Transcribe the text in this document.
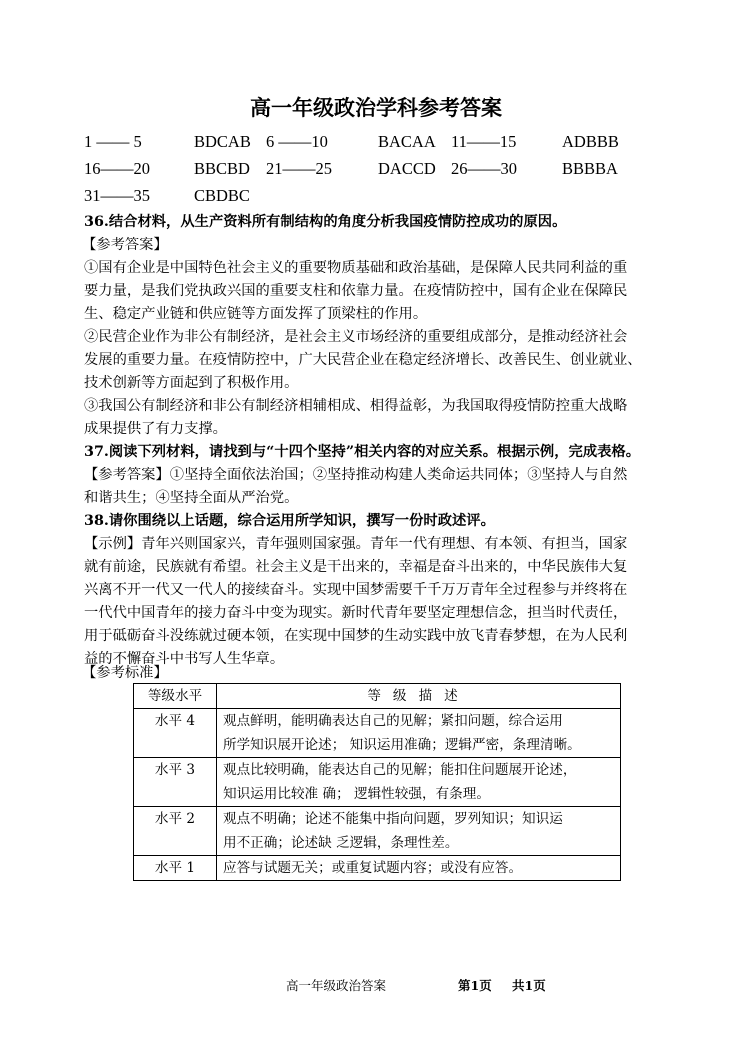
高一年级政治学科参考答案
1 —— 5	BDCAB 6 ——10	BACAA 11——15	ADBBB
16——20	BBCBD 21——25	DACCD 26——30	BBBBA
31——35	CBDBC
36.结合材料，从生产资料所有制结构的角度分析我国疫情防控成功的原因。
【参考答案】
①国有企业是中国特色社会主义的重要物质基础和政治基础，是保障人民共同利益的重
要力量，是我们党执政兴国的重要支柱和依靠力量。在疫情防控中，国有企业在保障民
生、稳定产业链和供应链等方面发挥了顶梁柱的作用。
②民营企业作为非公有制经济，是社会主义市场经济的重要组成部分，是推动经济社会
发展的重要力量。在疫情防控中，广大民营企业在稳定经济增长、改善民生、创业就业、
技术创新等方面起到了积极作用。
③我国公有制经济和非公有制经济相辅相成、相得益彰，为我国取得疫情防控重大战略
成果提供了有力支撑。
37.阅读下列材料，请找到与“十四个坚持”相关内容的对应关系。根据示例，完成表格。
【参考答案】①坚持全面依法治国；②坚持推动构建人类命运共同体；③坚持人与自然
和谐共生；④坚持全面从严治党。
38.请你围绕以上话题，综合运用所学知识，撰写一份时政述评。
【示例】青年兴则国家兴，青年强则国家强。青年一代有理想、有本领、有担当，国家
就有前途，民族就有希望。社会主义是干出来的，幸福是奋斗出来的，中华民族伟大复
兴离不开一代又一代人的接续奋斗。实现中国梦需要千千万万青年全过程参与并终将在
一代代中国青年的接力奋斗中变为现实。新时代青年要坚定理想信念，担当时代责任，
用于砥砺奋斗没练就过硬本领，在实现中国梦的生动实践中放飞青春梦想，在为人民利
益的不懈奋斗中书写人生华章。
【参考标准】
等级水平	等级描述
水平 4	观点鲜明，能明确表达自己的见解；紧扣问题，综合运用
所学知识展开论述； 知识运用准确；逻辑严密，条理清晰。

水平 3	观点比较明确，能表达自己的见解；能扣住问题展开论述，
知识运用比较准 确； 逻辑性较强，有条理。

水平 2	观点不明确；论述不能集中指向问题，罗列知识；知识运
用不正确；论述缺 乏逻辑，条理性差。

水平 1	应答与试题无关；或重复试题内容；或没有应答。
高一年级政治答案	第1页 共1页
